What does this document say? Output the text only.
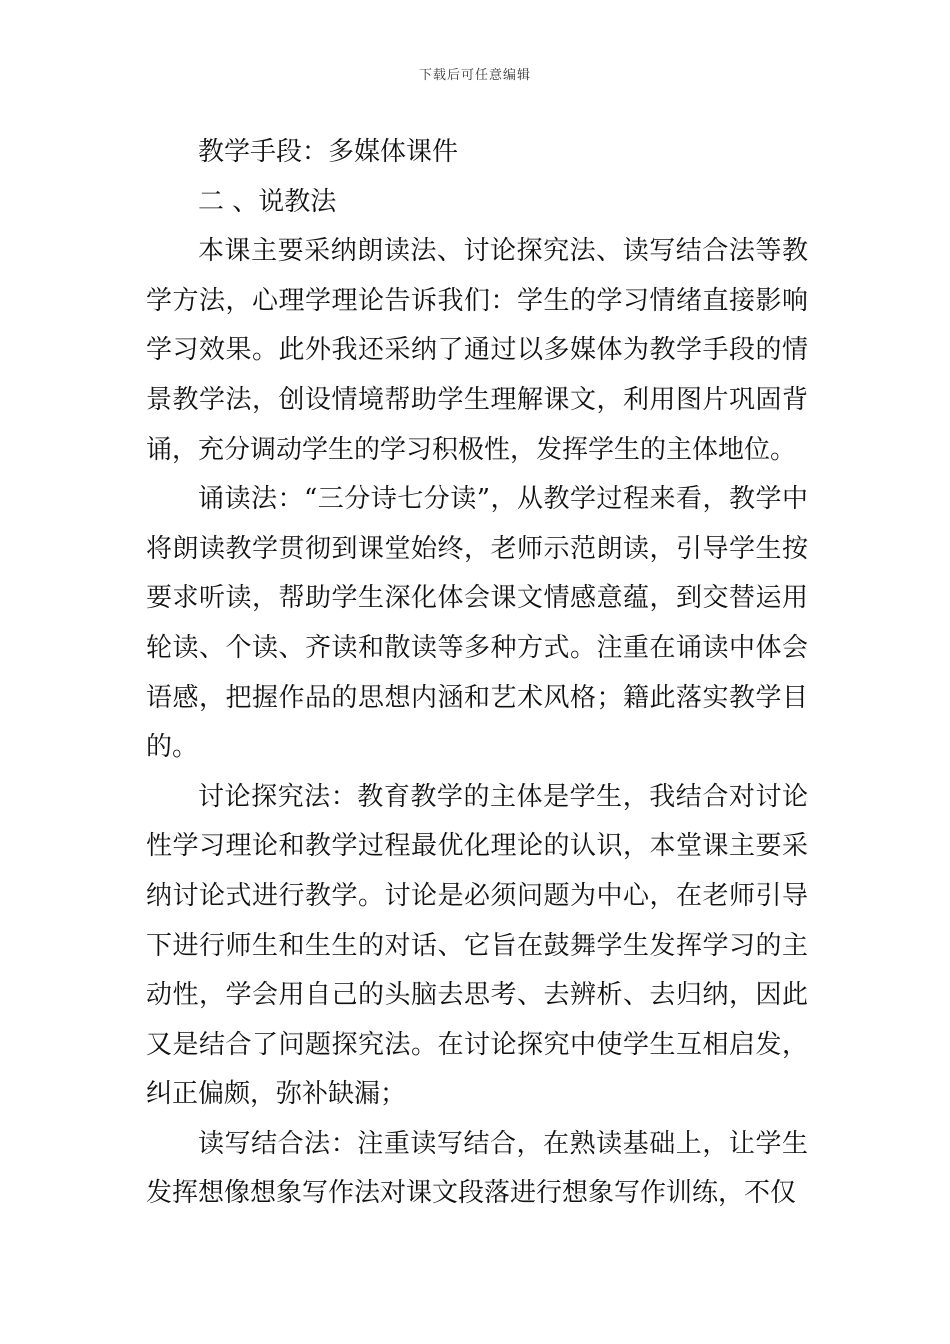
下载后可任意编辑

教学手段：多媒体课件

二 、说教法

本课主要采纳朗读法、讨论探究法、读写结合法等教学方法，心理学理论告诉我们：学生的学习情绪直接影响学习效果。此外我还采纳了通过以多媒体为教学手段的情景教学法，创设情境帮助学生理解课文，利用图片巩固背诵，充分调动学生的学习积极性，发挥学生的主体地位。

诵读法：“三分诗七分读”，从教学过程来看，教学中将朗读教学贯彻到课堂始终，老师示范朗读，引导学生按要求听读，帮助学生深化体会课文情感意蕴，到交替运用轮读、个读、齐读和散读等多种方式。注重在诵读中体会语感，把握作品的思想内涵和艺术风格；籍此落实教学目的。

讨论探究法：教育教学的主体是学生，我结合对讨论性学习理论和教学过程最优化理论的认识，本堂课主要采纳讨论式进行教学。讨论是必须问题为中心，在老师引导下进行师生和生生的对话、它旨在鼓舞学生发挥学习的主动性，学会用自己的头脑去思考、去辨析、去归纳，因此又是结合了问题探究法。在讨论探究中使学生互相启发，纠正偏颇，弥补缺漏；

读写结合法：注重读写结合，在熟读基础上，让学生发挥想像想象写作法对课文段落进行想象写作训练，不仅
